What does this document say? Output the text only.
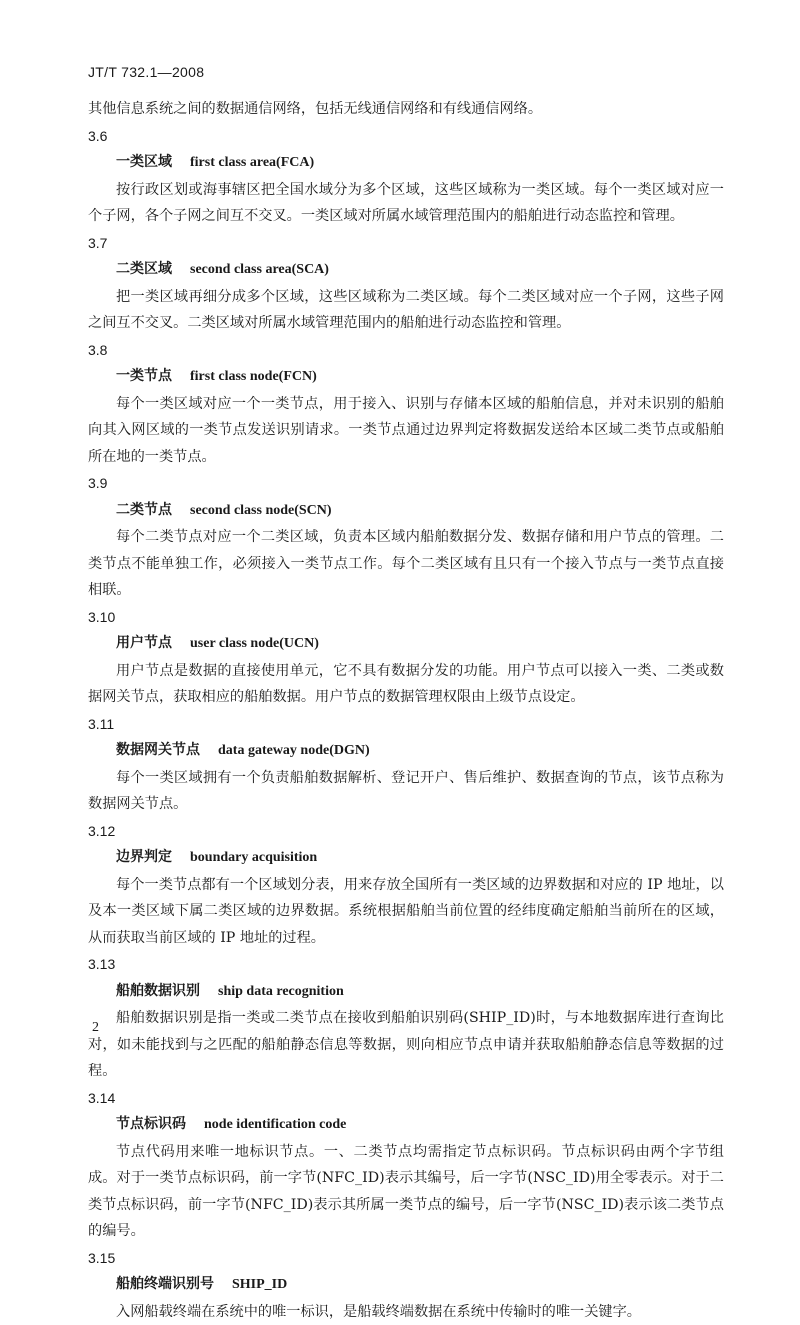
JT/T 732.1—2008

其他信息系统之间的数据通信网络，包括无线通信网络和有线通信网络。

3.6

一类区域 first class area(FCA)

按行政区划或海事辖区把全国水域分为多个区域，这些区域称为一类区域。每个一类区域对应一个子网，各个子网之间互不交叉。一类区域对所属水域管理范围内的船舶进行动态监控和管理。

3.7

二类区域 second class area(SCA)

把一类区域再细分成多个区域，这些区域称为二类区域。每个二类区域对应一个子网，这些子网之间互不交叉。二类区域对所属水域管理范围内的船舶进行动态监控和管理。

3.8

一类节点 first class node(FCN)

每个一类区域对应一个一类节点，用于接入、识别与存储本区域的船舶信息，并对未识别的船舶向其入网区域的一类节点发送识别请求。一类节点通过边界判定将数据发送给本区域二类节点或船舶所在地的一类节点。

3.9

二类节点 second class node(SCN)

每个二类节点对应一个二类区域，负责本区域内船舶数据分发、数据存储和用户节点的管理。二类节点不能单独工作，必须接入一类节点工作。每个二类区域有且只有一个接入节点与一类节点直接相联。

3.10

用户节点 user class node(UCN)

用户节点是数据的直接使用单元，它不具有数据分发的功能。用户节点可以接入一类、二类或数据网关节点，获取相应的船舶数据。用户节点的数据管理权限由上级节点设定。

3.11

数据网关节点 data gateway node(DGN)

每个一类区域拥有一个负责船舶数据解析、登记开户、售后维护、数据查询的节点，该节点称为数据网关节点。

3.12

边界判定 boundary acquisition

每个一类节点都有一个区域划分表，用来存放全国所有一类区域的边界数据和对应的 IP 地址，以及本一类区域下属二类区域的边界数据。系统根据船舶当前位置的经纬度确定船舶当前所在的区域，从而获取当前区域的 IP 地址的过程。

3.13

船舶数据识别 ship data recognition

船舶数据识别是指一类或二类节点在接收到船舶识别码(SHIP_ID)时，与本地数据库进行查询比对，如未能找到与之匹配的船舶静态信息等数据，则向相应节点申请并获取船舶静态信息等数据的过程。

3.14

节点标识码 node identification code

节点代码用来唯一地标识节点。一、二类节点均需指定节点标识码。节点标识码由两个字节组成。对于一类节点标识码，前一字节(NFC_ID)表示其编号，后一字节(NSC_ID)用全零表示。对于二类节点标识码，前一字节(NFC_ID)表示其所属一类节点的编号，后一字节(NSC_ID)表示该二类节点的编号。

3.15

船舶终端识别号 SHIP_ID

入网船载终端在系统中的唯一标识，是船载终端数据在系统中传输时的唯一关键字。

2
